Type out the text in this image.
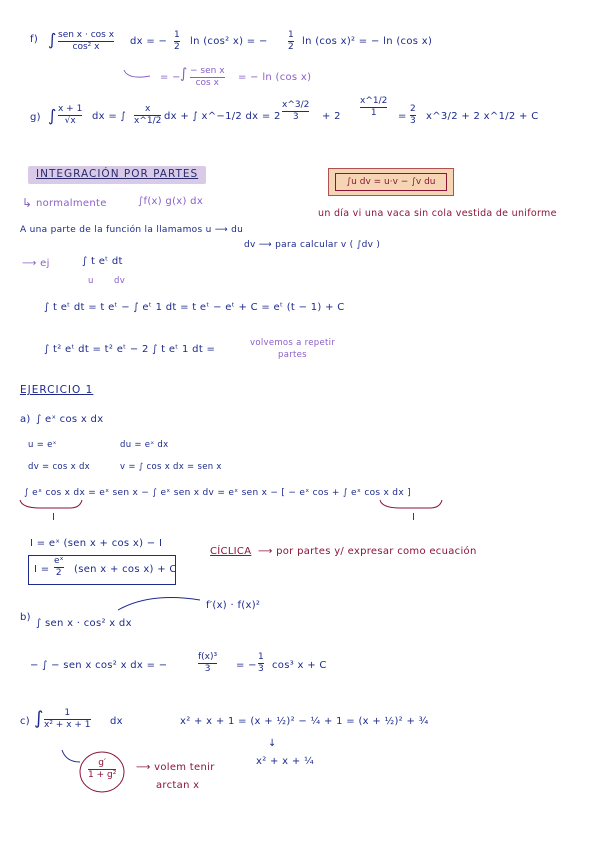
f) ∫ sen x · cos x
cos² x	dx = −
1
2 ln (cos² x) = −
1
2 ln (cos x)² = − ln (cos x)
= − ∫ − sen x
cos x = − ln (cos x)
g) ∫ x + 1
√x dx = ∫
x
x^1/2 dx + ∫ x^−1/2 dx = 2
x^3/2
3 + 2
x^1/2
1 =
2
3 x^3/2 + 2 x^1/2 + C
INTEGRACIÓN POR PARTES
∫u dv = u·v − ∫v du
un día vi una vaca sin cola vestida de uniforme
↳ normalmente	∫f(x) g(x) dx
A una parte de la función la llamamos u ⟶ du
dv ⟶ para calcular v ( ∫dv )
⟶ ej	∫ t eᵗ dt
u dv
∫ t eᵗ dt = t eᵗ − ∫ eᵗ 1 dt = t eᵗ − eᵗ + C = eᵗ (t − 1) + C
∫ t² eᵗ dt = t² eᵗ − 2 ∫ t eᵗ 1 dt =
volvemos a repetir
partes
EJERCICIO 1
a) ∫ eˣ cos x dx
u = eˣ	du = eˣ dx
dv = cos x dx	v = ∫ cos x dx = sen x
∫ eˣ cos x dx = eˣ sen x − ∫ eˣ sen x dv = eˣ sen x − [ − eˣ cos + ∫ eˣ cos x dx ]
I	I
I = eˣ (sen x + cos x) − I
I =
eˣ
2 (sen x + cos x) + C
CÍCLICA ⟶ por partes y/ expresar como ecuación
b)
∫ sen x · cos² x dx
f′(x) · f(x)²
− ∫ − sen x cos² x dx = −
f(x)³
3	= −
1
3 cos³ x + C
c) ∫ 1
x² + x + 1 dx	x² + x + 1 = (x + ½)² − ¼ + 1 = (x + ½)² + ¾
↓
x² + x + ¼
g′
1 + g²
⟶ volem tenir
arctan x
